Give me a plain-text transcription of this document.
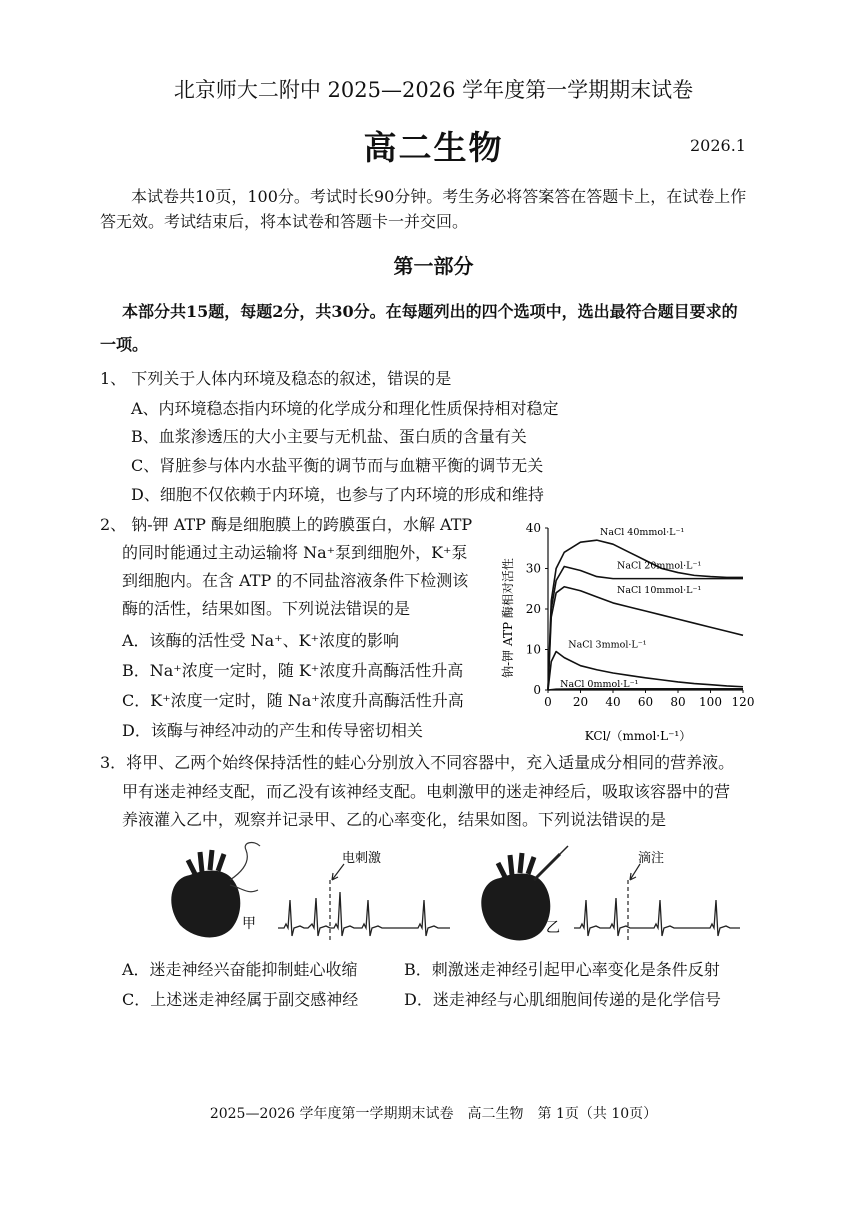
北京师大二附中 2025—2026 学年度第一学期期末试卷
高二生物	2026.1
本试卷共10页，100分。考试时长90分钟。考生务必将答案答在答题卡上，在试卷上作
答无效。考试结束后，将本试卷和答题卡一并交回。
第一部分
本部分共15题，每题2分，共30分。在每题列出的四个选项中，选出最符合题目要求的
一项。
1、 下列关于人体内环境及稳态的叙述，错误的是
A、内环境稳态指内环境的化学成分和理化性质保持相对稳定
B、血浆渗透压的大小主要与无机盐、蛋白质的含量有关
C、肾脏参与体内水盐平衡的调节而与血糖平衡的调节无关
D、细胞不仅依赖于内环境，也参与了内环境的形成和维持
2、 钠-钾 ATP 酶是细胞膜上的跨膜蛋白，水解 ATP
的同时能通过主动运输将 Na⁺泵到细胞外，K⁺泵
到细胞内。在含 ATP 的不同盐溶液条件下检测该
酶的活性，结果如图。下列说法错误的是
A．该酶的活性受 Na⁺、K⁺浓度的影响
B．Na⁺浓度一定时，随 K⁺浓度升高酶活性升高
C．K⁺浓度一定时，随 Na⁺浓度升高酶活性升高
D．该酶与神经冲动的产生和传导密切相关
钠-钾 ATP 酶相对活性
0 20 40 60 80 100 120
0
10
20
30
40	NaCl 40mmol·L⁻¹
NaCl 20mmol·L⁻¹
NaCl 10mmol·L⁻¹
NaCl 3mmol·L⁻¹
NaCl 0mmol·L⁻¹
KCl/（mmol·L⁻¹）
3．将甲、乙两个始终保持活性的蛙心分别放入不同容器中，充入适量成分相同的营养液。
甲有迷走神经支配，而乙没有该神经支配。电刺激甲的迷走神经后，吸取该容器中的营
养液灌入乙中，观察并记录甲、乙的心率变化，结果如图。下列说法错误的是
甲
电刺激
乙
滴注
A．迷走神经兴奋能抑制蛙心收缩	B．刺激迷走神经引起甲心率变化是条件反射
C．上述迷走神经属于副交感神经	D．迷走神经与心肌细胞间传递的是化学信号
2025—2026 学年度第一学期期末试卷　高二生物　第 1页（共 10页）
